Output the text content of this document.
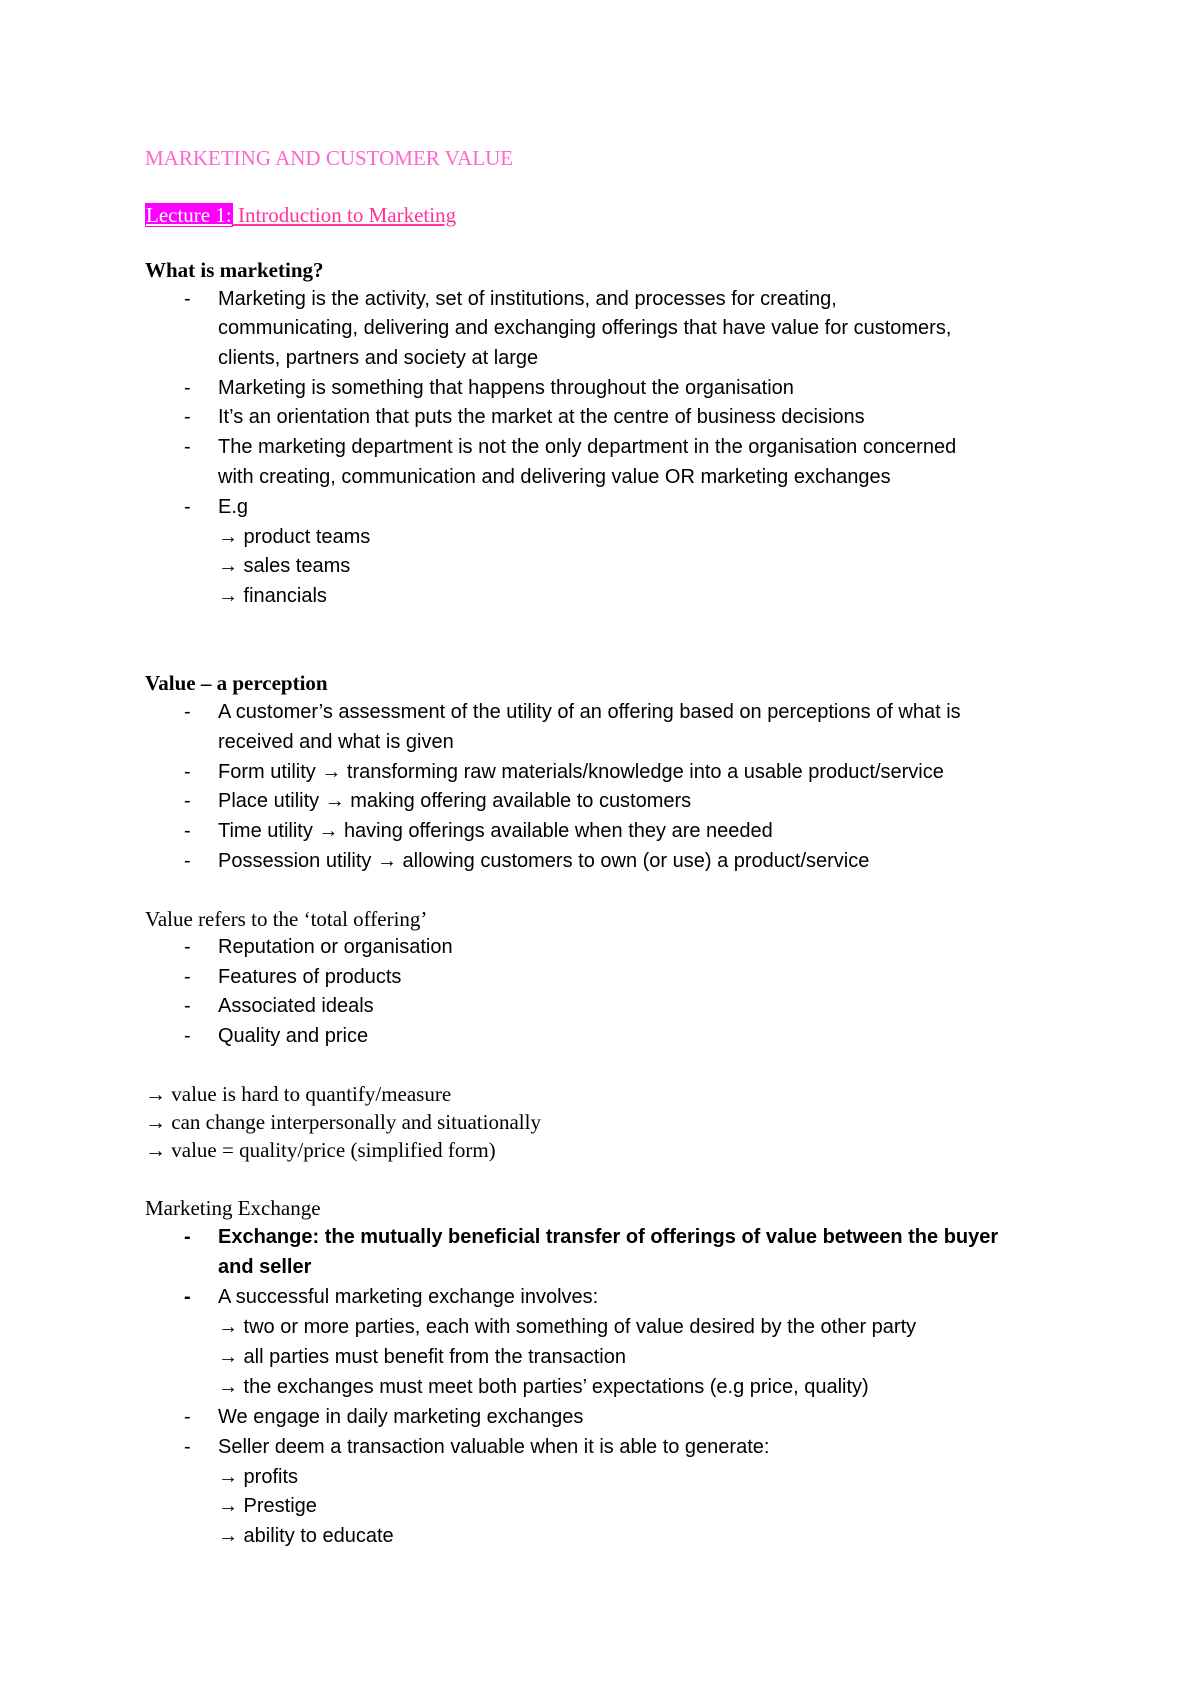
MARKETING AND CUSTOMER VALUE
Lecture 1: Introduction to Marketing
What is marketing?
- Marketing is the activity, set of institutions, and processes for creating,
communicating, delivering and exchanging offerings that have value for customers,
clients, partners and society at large
- Marketing is something that happens throughout the organisation
- It’s an orientation that puts the market at the centre of business decisions
- The marketing department is not the only department in the organisation concerned
with creating, communication and delivering value OR marketing exchanges
- E.g
→ product teams
→ sales teams
→ financials
Value – a perception
- A customer’s assessment of the utility of an offering based on perceptions of what is
received and what is given
- Form utility → transforming raw materials/knowledge into a usable product/service
- Place utility → making offering available to customers
- Time utility → having offerings available when they are needed
- Possession utility → allowing customers to own (or use) a product/service
Value refers to the ‘total offering’
- Reputation or organisation
- Features of products
- Associated ideals
- Quality and price
→ value is hard to quantify/measure
→ can change interpersonally and situationally
→ value = quality/price (simplified form)
Marketing Exchange
- Exchange: the mutually beneficial transfer of offerings of value between the buyer
and seller
- A successful marketing exchange involves:
→ two or more parties, each with something of value desired by the other party
→ all parties must benefit from the transaction
→ the exchanges must meet both parties’ expectations (e.g price, quality)
- We engage in daily marketing exchanges
- Seller deem a transaction valuable when it is able to generate:
→ profits
→ Prestige
→ ability to educate
